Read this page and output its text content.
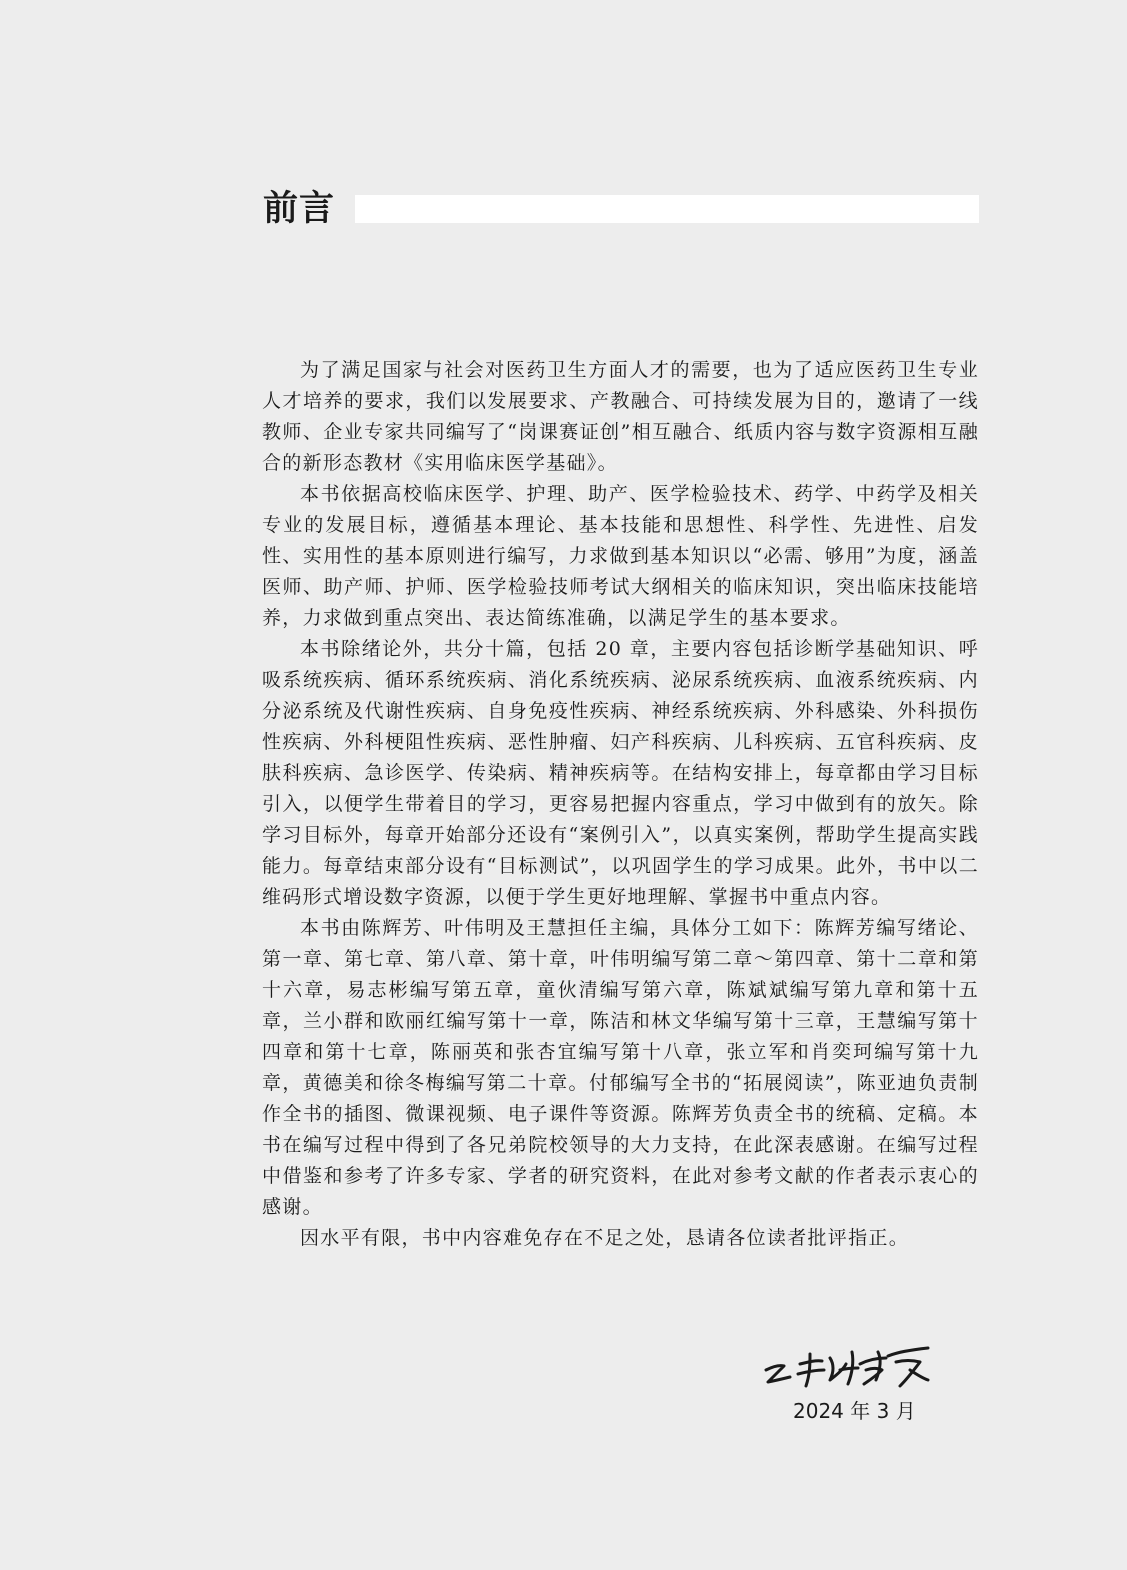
前言

为了满足国家与社会对医药卫生方面人才的需要，也为了适应医药卫生专业人才培养的要求，我们以发展要求、产教融合、可持续发展为目的，邀请了一线教师、企业专家共同编写了“岗课赛证创”相互融合、纸质内容与数字资源相互融合的新形态教材《实用临床医学基础》。

本书依据高校临床医学、护理、助产、医学检验技术、药学、中药学及相关专业的发展目标，遵循基本理论、基本技能和思想性、科学性、先进性、启发性、实用性的基本原则进行编写，力求做到基本知识以“必需、够用”为度，涵盖医师、助产师、护师、医学检验技师考试大纲相关的临床知识，突出临床技能培养，力求做到重点突出、表达简练准确，以满足学生的基本要求。

本书除绪论外，共分十篇，包括 20 章，主要内容包括诊断学基础知识、呼吸系统疾病、循环系统疾病、消化系统疾病、泌尿系统疾病、血液系统疾病、内分泌系统及代谢性疾病、自身免疫性疾病、神经系统疾病、外科感染、外科损伤性疾病、外科梗阻性疾病、恶性肿瘤、妇产科疾病、儿科疾病、五官科疾病、皮肤科疾病、急诊医学、传染病、精神疾病等。在结构安排上，每章都由学习目标引入，以便学生带着目的学习，更容易把握内容重点，学习中做到有的放矢。除学习目标外，每章开始部分还设有“案例引入”，以真实案例，帮助学生提高实践能力。每章结束部分设有“目标测试”，以巩固学生的学习成果。此外，书中以二维码形式增设数字资源，以便于学生更好地理解、掌握书中重点内容。

本书由陈辉芳、叶伟明及王慧担任主编，具体分工如下：陈辉芳编写绪论、第一章、第七章、第八章、第十章，叶伟明编写第二章～第四章、第十二章和第十六章，易志彬编写第五章，童伙清编写第六章，陈斌斌编写第九章和第十五章，兰小群和欧丽红编写第十一章，陈洁和林文华编写第十三章，王慧编写第十四章和第十七章，陈丽英和张杏宜编写第十八章，张立军和肖奕珂编写第十九章，黄德美和徐冬梅编写第二十章。付郁编写全书的“拓展阅读”，陈亚迪负责制作全书的插图、微课视频、电子课件等资源。陈辉芳负责全书的统稿、定稿。本书在编写过程中得到了各兄弟院校领导的大力支持，在此深表感谢。在编写过程中借鉴和参考了许多专家、学者的研究资料，在此对参考文献的作者表示衷心的感谢。

因水平有限，书中内容难免存在不足之处，恳请各位读者批评指正。

2024 年 3 月
